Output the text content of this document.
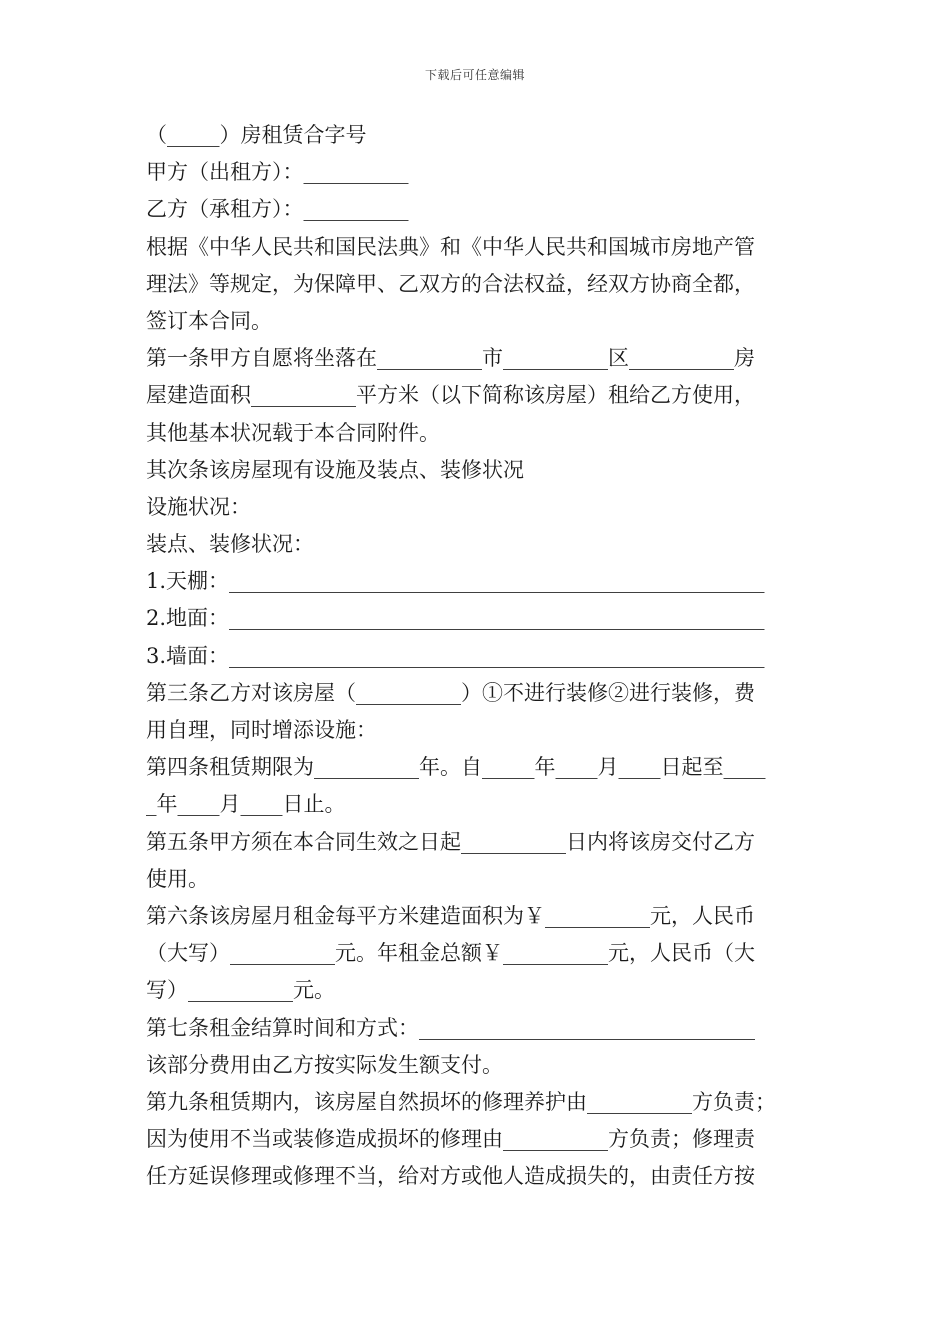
下载后可任意编辑
（_____）房租赁合字号
甲方（出租方）：__________
乙方（承租方）：__________
根据《中华人民共和国民法典》和《中华人民共和国城市房地产管
理法》等规定，为保障甲、乙双方的合法权益，经双方协商全都，
签订本合同。
第一条甲方自愿将坐落在__________市__________区__________房
屋建造面积__________平方米（以下简称该房屋）租给乙方使用，
其他基本状况载于本合同附件。
其次条该房屋现有设施及装点、装修状况
设施状况：
装点、装修状况：
1.天棚：___________________________________________________
2.地面：___________________________________________________
3.墙面：___________________________________________________
第三条乙方对该房屋（__________）①不进行装修②进行装修，费
用自理，同时增添设施：
第四条租赁期限为__________年。自_____年____月____日起至____
_年____月____日止。
第五条甲方须在本合同生效之日起__________日内将该房交付乙方
使用。
第六条该房屋月租金每平方米建造面积为￥__________元，人民币
（大写）__________元。年租金总额￥__________元，人民币（大
写）__________元。
第七条租金结算时间和方式：________________________________
该部分费用由乙方按实际发生额支付。
第九条租赁期内，该房屋自然损坏的修理养护由__________方负责；
因为使用不当或装修造成损坏的修理由__________方负责；修理责
任方延误修理或修理不当，给对方或他人造成损失的，由责任方按
